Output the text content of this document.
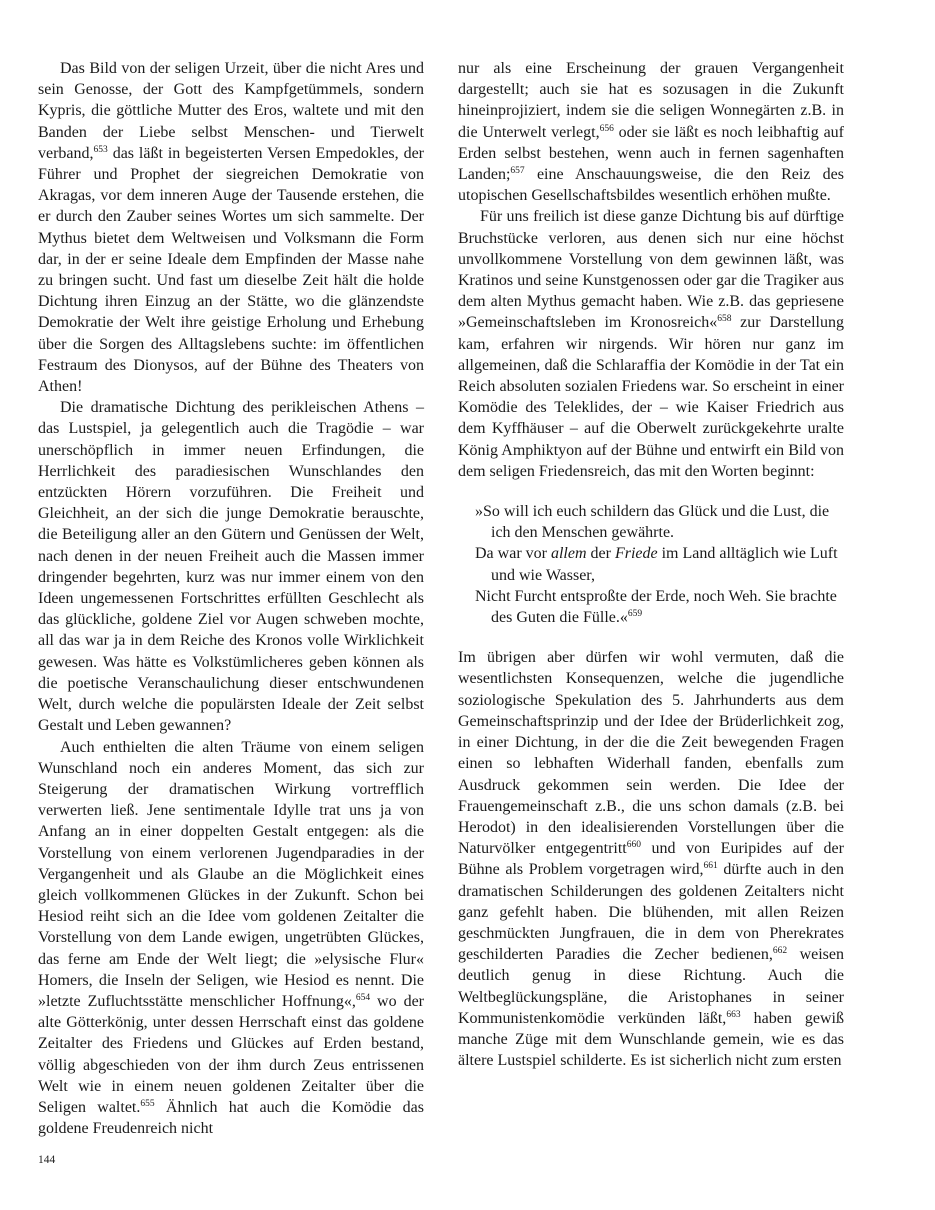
Das Bild von der seligen Urzeit, über die nicht Ares und sein Genosse, der Gott des Kampfgetümmels, sondern Kypris, die göttliche Mutter des Eros, waltete und mit den Banden der Liebe selbst Menschen- und Tierwelt verband,$^{653}$ das läßt in begeisterten Versen Empedokles, der Führer und Prophet der siegreichen Demokratie von Akragas, vor dem inneren Auge der Tausende erstehen, die er durch den Zauber seines Wortes um sich sammelte. Der Mythus bietet dem Weltweisen und Volksmann die Form dar, in der er seine Ideale dem Empfinden der Masse nahe zu bringen sucht. Und fast um dieselbe Zeit hält die holde Dichtung ihren Einzug an der Stätte, wo die glänzendste Demokratie der Welt ihre geistige Erholung und Erhebung über die Sorgen des Alltagslebens suchte: im öffentlichen Festraum des Dionysos, auf der Bühne des Theaters von Athen!

Die dramatische Dichtung des perikleischen Athens – das Lustspiel, ja gelegentlich auch die Tragödie – war unerschöpflich in immer neuen Erfindungen, die Herrlichkeit des paradiesischen Wunschlandes den entzückten Hörern vorzuführen. Die Freiheit und Gleichheit, an der sich die junge Demokratie berauschte, die Beteiligung aller an den Gütern und Genüssen der Welt, nach denen in der neuen Freiheit auch die Massen immer dringender begehrten, kurz was nur immer einem von den Ideen ungemessenen Fortschrittes erfüllten Geschlecht als das glückliche, goldene Ziel vor Augen schweben mochte, all das war ja in dem Reiche des Kronos volle Wirklichkeit gewesen. Was hätte es Volkstümlicheres geben können als die poetische Veranschaulichung dieser entschwundenen Welt, durch welche die populärsten Ideale der Zeit selbst Gestalt und Leben gewannen?

Auch enthielten die alten Träume von einem seligen Wunschland noch ein anderes Moment, das sich zur Steigerung der dramatischen Wirkung vortrefflich verwerten ließ. Jene sentimentale Idylle trat uns ja von Anfang an in einer doppelten Gestalt entgegen: als die Vorstellung von einem verlorenen Jugendparadies in der Vergangenheit und als Glaube an die Möglichkeit eines gleich vollkommenen Glückes in der Zukunft. Schon bei Hesiod reiht sich an die Idee vom goldenen Zeitalter die Vorstellung von dem Lande ewigen, ungetrübten Glückes, das ferne am Ende der Welt liegt; die »elysische Flur« Homers, die Inseln der Seligen, wie Hesiod es nennt. Die »letzte Zufluchtsstätte menschlicher Hoffnung«,$^{654}$ wo der alte Götterkönig, unter dessen Herrschaft einst das goldene Zeitalter des Friedens und Glückes auf Erden bestand, völlig abgeschieden von der ihm durch Zeus entrissenen Welt wie in einem neuen goldenen Zeitalter über die Seligen waltet.$^{655}$ Ähnlich hat auch die Komödie das goldene Freudenreich nicht

nur als eine Erscheinung der grauen Vergangenheit dargestellt; auch sie hat es sozusagen in die Zukunft hineinprojiziert, indem sie die seligen Wonnegärten z.B. in die Unterwelt verlegt,$^{656}$ oder sie läßt es noch leibhaftig auf Erden selbst bestehen, wenn auch in fernen sagenhaften Landen;$^{657}$ eine Anschauungsweise, die den Reiz des utopischen Gesellschaftsbildes wesentlich erhöhen mußte.

Für uns freilich ist diese ganze Dichtung bis auf dürftige Bruchstücke verloren, aus denen sich nur eine höchst unvollkommene Vorstellung von dem gewinnen läßt, was Kratinos und seine Kunstgenossen oder gar die Tragiker aus dem alten Mythus gemacht haben. Wie z.B. das gepriesene »Gemeinschaftsleben im Kronosreich«$^{658}$ zur Darstellung kam, erfahren wir nirgends. Wir hören nur ganz im allgemeinen, daß die Schlaraffia der Komödie in der Tat ein Reich absoluten sozialen Friedens war. So erscheint in einer Komödie des Teleklides, der – wie Kaiser Friedrich aus dem Kyffhäuser – auf die Oberwelt zurückgekehrte uralte König Amphiktyon auf der Bühne und entwirft ein Bild von dem seligen Friedensreich, das mit den Worten beginnt:

»So will ich euch schildern das Glück und die Lust, die ich den Menschen gewährte.
Da war vor allem der Friede im Land alltäglich wie Luft und wie Wasser,
Nicht Furcht entsproßte der Erde, noch Weh. Sie brachte des Guten die Fülle.«$^{659}$

Im übrigen aber dürfen wir wohl vermuten, daß die wesentlichsten Konsequenzen, welche die jugendliche soziologische Spekulation des 5. Jahrhunderts aus dem Gemeinschaftsprinzip und der Idee der Brüderlichkeit zog, in einer Dichtung, in der die die Zeit bewegenden Fragen einen so lebhaften Widerhall fanden, ebenfalls zum Ausdruck gekommen sein werden. Die Idee der Frauengemeinschaft z.B., die uns schon damals (z.B. bei Herodot) in den idealisierenden Vorstellungen über die Naturvölker entgegentritt$^{660}$ und von Euripides auf der Bühne als Problem vorgetragen wird,$^{661}$ dürfte auch in den dramatischen Schilderungen des goldenen Zeitalters nicht ganz gefehlt haben. Die blühenden, mit allen Reizen geschmückten Jungfrauen, die in dem von Pherekrates geschilderten Paradies die Zecher bedienen,$^{662}$ weisen deutlich genug in diese Richtung. Auch die Weltbeglückungspläne, die Aristophanes in seiner Kommunistenkomödie verkünden läßt,$^{663}$ haben gewiß manche Züge mit dem Wunschlande gemein, wie es das ältere Lustspiel schilderte. Es ist sicherlich nicht zum ersten

144
